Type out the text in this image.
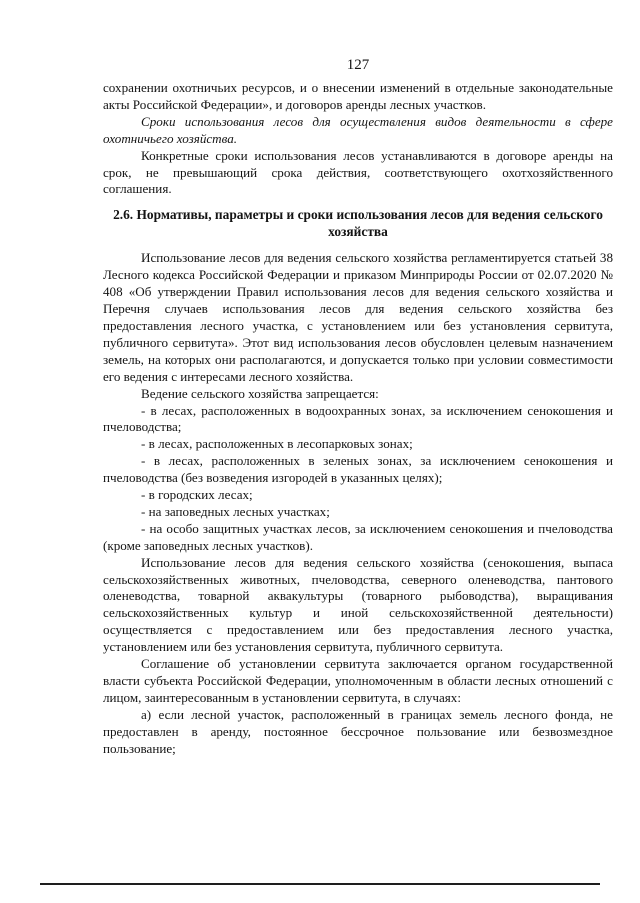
127

сохранении охотничьих ресурсов, и о внесении изменений в отдельные законодательные акты Российской Федерации», и договоров аренды лесных участков.

Сроки использования лесов для осуществления видов деятельности в сфере охотничьего хозяйства.

Конкретные сроки использования лесов устанавливаются в договоре аренды на срок, не превышающий срока действия, соответствующего охотхозяйственного соглашения.

2.6. Нормативы, параметры и сроки использования лесов для ведения сельского хозяйства

Использование лесов для ведения сельского хозяйства регламентируется статьей 38 Лесного кодекса Российской Федерации и приказом Минприроды России от 02.07.2020 № 408 «Об утверждении Правил использования лесов для ведения сельского хозяйства и Перечня случаев использования лесов для ведения сельского хозяйства без предоставления лесного участка, с установлением или без установления сервитута, публичного сервитута». Этот вид использования лесов обусловлен целевым назначением земель, на которых они располагаются, и допускается только при условии совместимости его ведения с интересами лесного хозяйства.

Ведение сельского хозяйства запрещается:

- в лесах, расположенных в водоохранных зонах, за исключением сенокошения и пчеловодства;

- в лесах, расположенных в лесопарковых зонах;

- в лесах, расположенных в зеленых зонах, за исключением сенокошения и пчеловодства (без возведения изгородей в указанных целях);

- в городских лесах;

- на заповедных лесных участках;

- на особо защитных участках лесов, за исключением сенокошения и пчеловодства (кроме заповедных лесных участков).

Использование лесов для ведения сельского хозяйства (сенокошения, выпаса сельскохозяйственных животных, пчеловодства, северного оленеводства, пантового оленеводства, товарной аквакультуры (товарного рыбоводства), выращивания сельскохозяйственных культур и иной сельскохозяйственной деятельности) осуществляется с предоставлением или без предоставления лесного участка, установлением или без установления сервитута, публичного сервитута.

Соглашение об установлении сервитута заключается органом государственной власти субъекта Российской Федерации, уполномоченным в области лесных отношений с лицом, заинтересованным в установлении сервитута, в случаях:

а) если лесной участок, расположенный в границах земель лесного фонда, не предоставлен в аренду, постоянное бессрочное пользование или безвозмездное пользование;
